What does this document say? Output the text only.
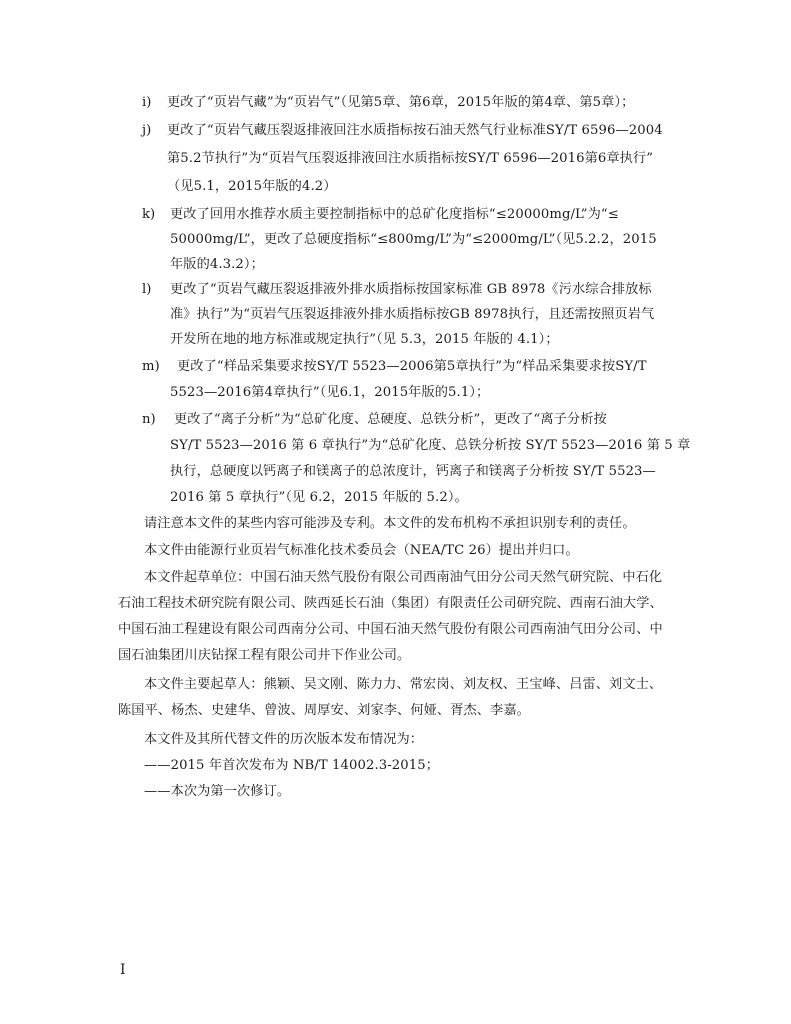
i) 更改了“页岩气藏”为“页岩气”（见第5章、第6章，2015年版的第4章、第5章）；
j) 更改了“页岩气藏压裂返排液回注水质指标按石油天然气行业标准SY/T 6596—2004
第5.2节执行”为“页岩气压裂返排液回注水质指标按SY/T 6596—2016第6章执行”
（见5.1，2015年版的4.2）
k) 更改了回用水推荐水质主要控制指标中的总矿化度指标“≤20000mg/L”为“≤
50000mg/L”，更改了总硬度指标“≤800mg/L”为“≤2000mg/L”（见5.2.2，2015
年版的4.3.2）；
l) 更改了“页岩气藏压裂返排液外排水质指标按国家标准 GB 8978《污水综合排放标
准》执行”为“页岩气压裂返排液外排水质指标按GB 8978执行，且还需按照页岩气
开发所在地的地方标准或规定执行”（见 5.3，2015 年版的 4.1）；
m) 更改了“样品采集要求按SY/T 5523—2006第5章执行”为“样品采集要求按SY/T
5523—2016第4章执行”（见6.1，2015年版的5.1）；
n) 更改了“离子分析”为“总矿化度、总硬度、总铁分析”，更改了“离子分析按
SY/T 5523—2016 第 6 章执行”为“总矿化度、总铁分析按 SY/T 5523—2016 第 5 章
执行，总硬度以钙离子和镁离子的总浓度计，钙离子和镁离子分析按 SY/T 5523—
2016 第 5 章执行”（见 6.2，2015 年版的 5.2）。
请注意本文件的某些内容可能涉及专利。本文件的发布机构不承担识别专利的责任。
本文件由能源行业页岩气标准化技术委员会（NEA/TC 26）提出并归口。
本文件起草单位：中国石油天然气股份有限公司西南油气田分公司天然气研究院、中石化
石油工程技术研究院有限公司、陕西延长石油（集团）有限责任公司研究院、西南石油大学、
中国石油工程建设有限公司西南分公司、中国石油天然气股份有限公司西南油气田分公司、中
国石油集团川庆钻探工程有限公司井下作业公司。
本文件主要起草人：熊颖、吴文刚、陈力力、常宏岗、刘友权、王宝峰、吕雷、刘文士、
陈国平、杨杰、史建华、曾波、周厚安、刘家李、何娅、胥杰、李嘉。
本文件及其所代替文件的历次版本发布情况为：
——2015 年首次发布为 NB/T 14002.3-2015；
——本次为第一次修订。
I
